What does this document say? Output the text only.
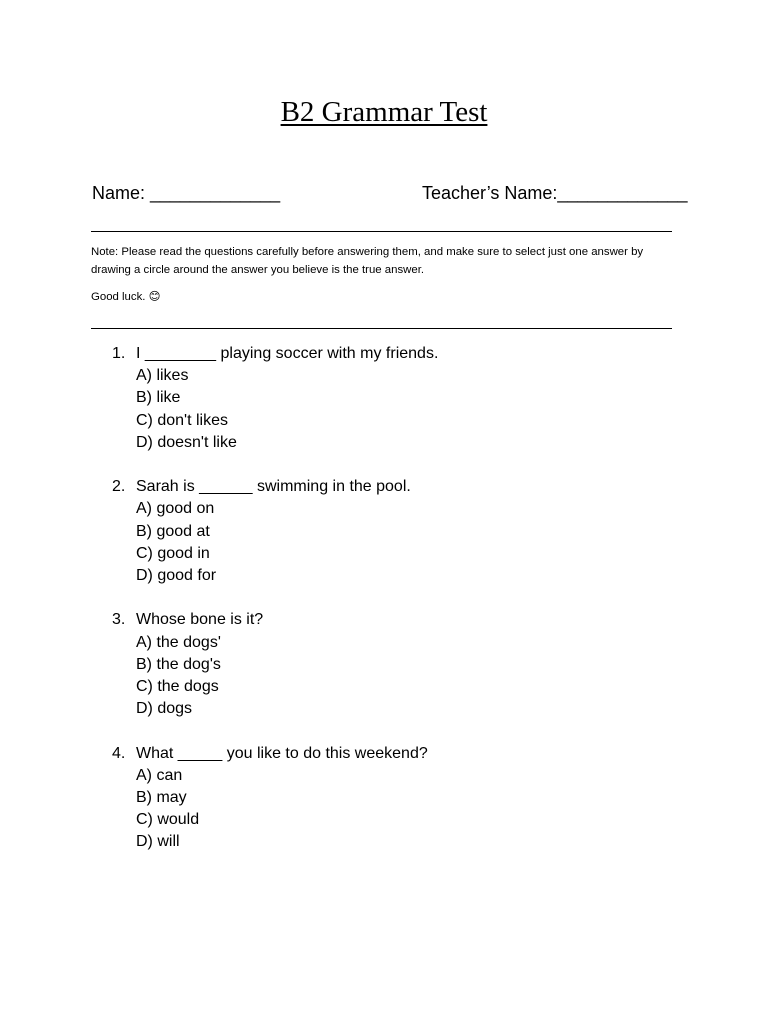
B2 Grammar Test
Name: _____________	Teacher’s Name:_____________
Note: Please read the questions carefully before answering them, and make sure to select just one answer by drawing a circle around the answer you believe is the true answer.
Good luck. 😊
1. I ________ playing soccer with my friends.
A) likes
B) like
C) don't likes
D) doesn't like
2. Sarah is ______ swimming in the pool.
A) good on
B) good at
C) good in
D) good for
3. Whose bone is it?
A) the dogs'
B) the dog's
C) the dogs
D) dogs
4. What _____ you like to do this weekend?
A) can
B) may
C) would
D) will
